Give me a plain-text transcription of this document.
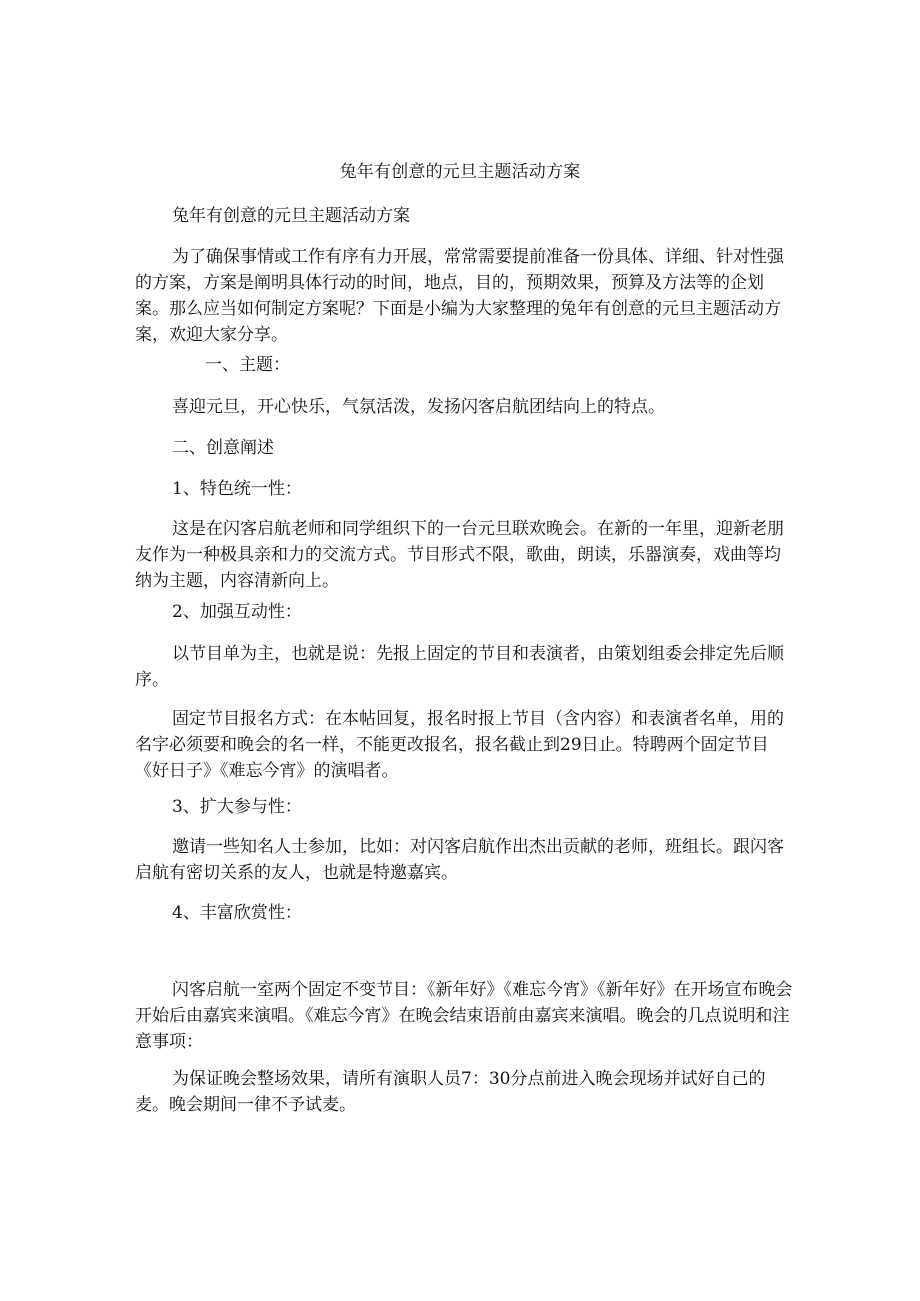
兔年有创意的元旦主题活动方案

兔年有创意的元旦主题活动方案

为了确保事情或工作有序有力开展，常常需要提前准备一份具体、详细、针对性强的方案，方案是阐明具体行动的时间，地点，目的，预期效果，预算及方法等的企划案。那么应当如何制定方案呢？下面是小编为大家整理的兔年有创意的元旦主题活动方案，欢迎大家分享。

一、主题：

喜迎元旦，开心快乐，气氛活泼，发扬闪客启航团结向上的特点。

二、创意阐述

1、特色统一性：

这是在闪客启航老师和同学组织下的一台元旦联欢晚会。在新的一年里，迎新老朋友作为一种极具亲和力的交流方式。节目形式不限，歌曲，朗读，乐器演奏，戏曲等均纳为主题，内容清新向上。

2、加强互动性：

以节目单为主，也就是说：先报上固定的节目和表演者，由策划组委会排定先后顺序。

固定节目报名方式：在本帖回复，报名时报上节目（含内容）和表演者名单，用的名字必须要和晚会的名一样，不能更改报名，报名截止到29日止。特聘两个固定节目《好日子》《难忘今宵》的演唱者。

3、扩大参与性：

邀请一些知名人士参加，比如：对闪客启航作出杰出贡献的老师，班组长。跟闪客启航有密切关系的友人，也就是特邀嘉宾。

4、丰富欣赏性：

闪客启航一室两个固定不变节目：《新年好》《难忘今宵》《新年好》在开场宣布晚会开始后由嘉宾来演唱。《难忘今宵》在晚会结束语前由嘉宾来演唱。晚会的几点说明和注意事项：

为保证晚会整场效果，请所有演职人员7：30分点前进入晚会现场并试好自己的麦。晚会期间一律不予试麦。
